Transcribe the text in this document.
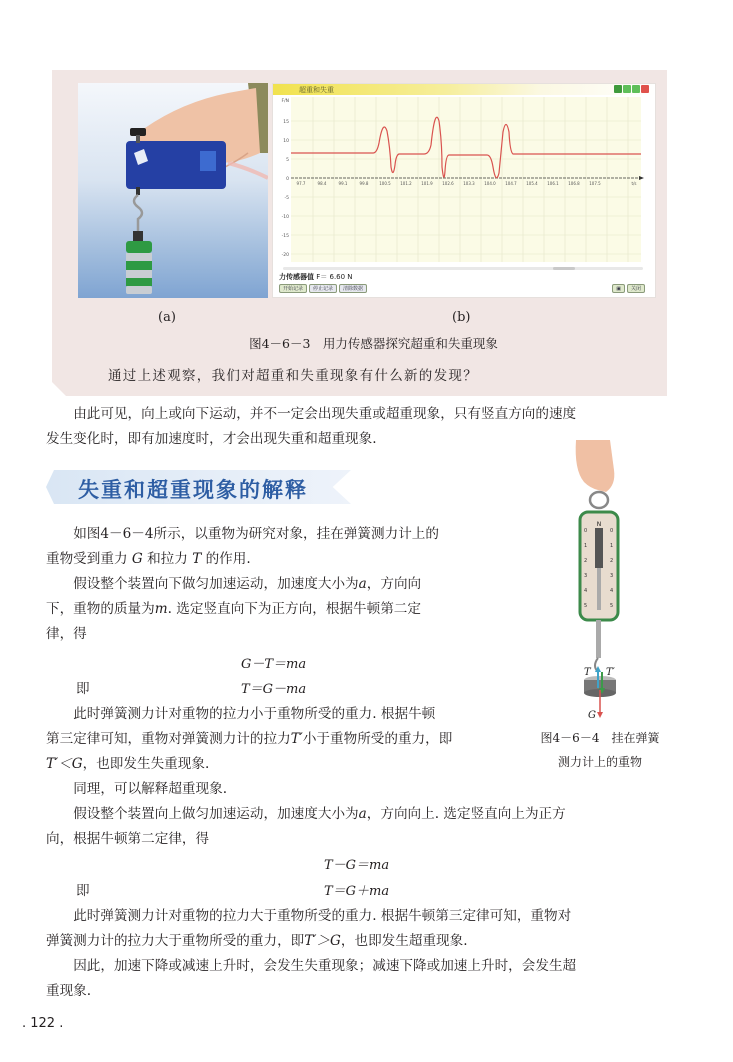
超重和失重
F/N
15
10
5
0
-5
-10
-15
-20
97.7	98.4	99.1	99.8	100.5 101.2 101.9 102.6 103.3 104.0 104.7 105.4 106.1 106.8 107.5	t/s
力传感器值 F＝ 6.60 N
开始记录	停止记录	清除数据	▣	关闭
(a)	(b)
图4－6－3　用力传感器探究超重和失重现象
通过上述观察，我们对超重和失重现象有什么新的发现？
由此可见，向上或向下运动，并不一定会出现失重或超重现象，只有竖直方向的速度
发生变化时，即有加速度时，才会出现失重和超重现象.
失重和超重现象的解释
如图4－6－4所示，以重物为研究对象，挂在弹簧测力计上的
重物受到重力 G 和拉力 T 的作用.
假设整个装置向下做匀加速运动，加速度大小为a，方向向
下，重物的质量为m. 选定竖直向下为正方向，根据牛顿第二定
律，得
G－T＝ma
即	T＝G－ma
此时弹簧测力计对重物的拉力小于重物所受的重力. 根据牛顿
第三定律可知，重物对弹簧测力计的拉力T′小于重物所受的重力，即
T′＜G，也即发生失重现象.
同理，可以解释超重现象.
假设整个装置向上做匀加速运动，加速度大小为a，方向向上. 选定竖直向上为正方
向，根据牛顿第二定律，得
T－G＝ma
即	T＝G＋ma
此时弹簧测力计对重物的拉力大于重物所受的重力. 根据牛顿第三定律可知，重物对
弹簧测力计的拉力大于重物所受的重力，即T′＞G，也即发生超重现象.
因此，加速下降或减速上升时，会发生失重现象；减速下降或加速上升时，会发生超
重现象.
N
0	0
1	1
2	2
3	3
4	4
5	5
T T′
G
图4－6－4　挂在弹簧
测力计上的重物
. 122 .
